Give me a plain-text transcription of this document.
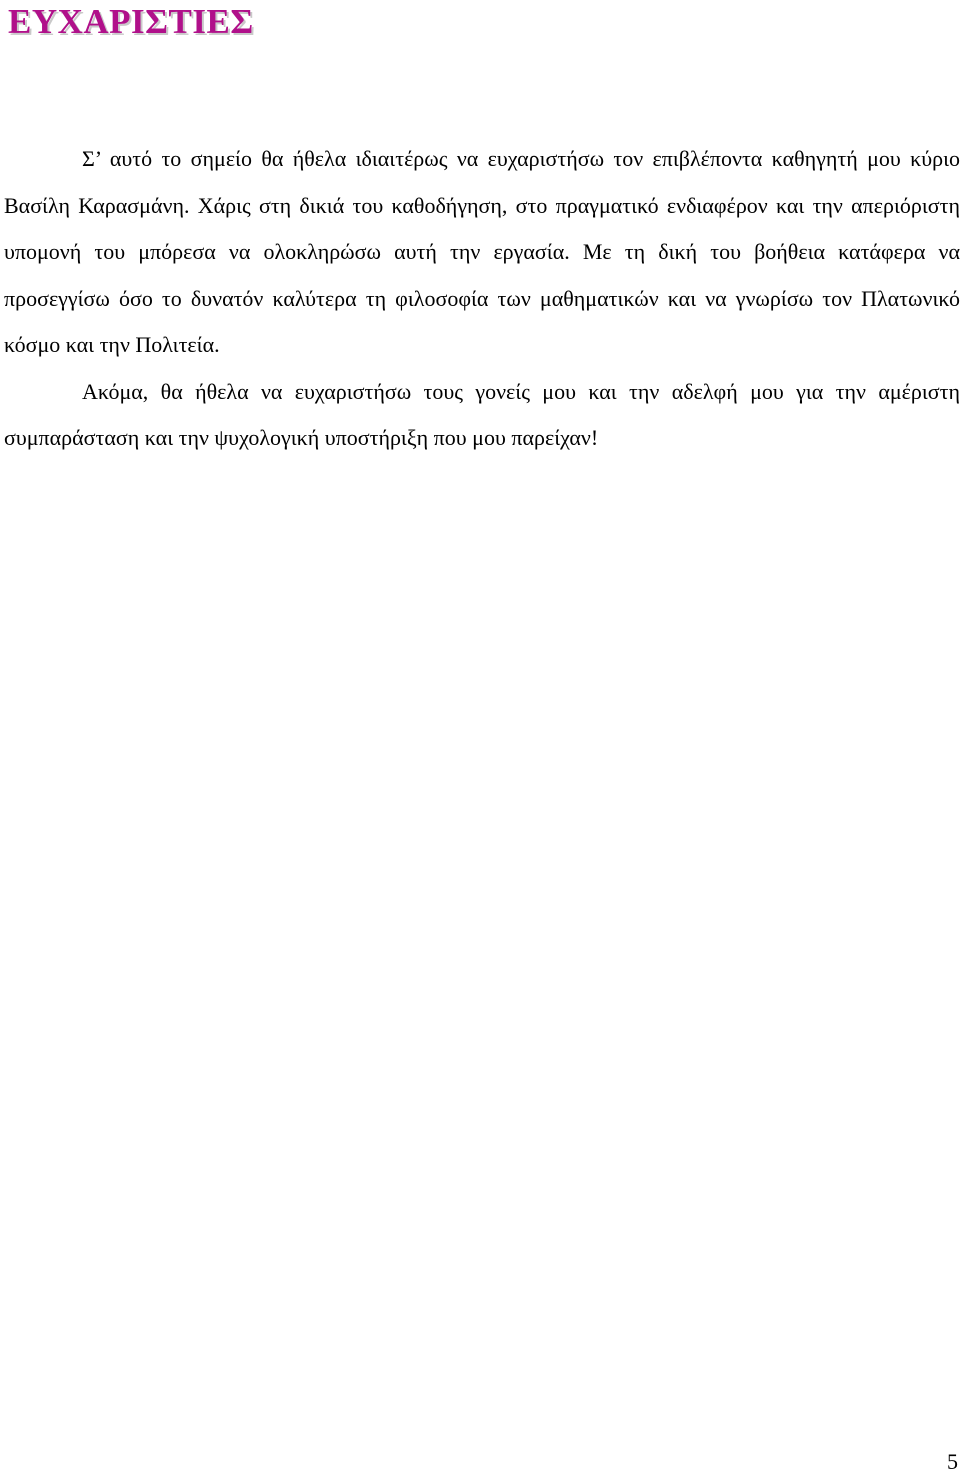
ΕΥΧΑΡΙΣΤΙΕΣ

Σ’ αυτό το σημείο θα ήθελα ιδιαιτέρως να ευχαριστήσω τον επιβλέποντα καθηγητή μου κύριο Βασίλη Καρασμάνη. Χάρις στη δικιά του καθοδήγηση, στο πραγματικό ενδιαφέρον και την απεριόριστη υπομονή του μπόρεσα να ολοκληρώσω αυτή την εργασία. Με τη δική του βοήθεια κατάφερα να προσεγγίσω όσο το δυνατόν καλύτερα τη φιλοσοφία των μαθηματικών και να γνωρίσω τον Πλατωνικό κόσμο και την Πολιτεία.

Ακόμα, θα ήθελα να ευχαριστήσω τους γονείς μου και την αδελφή μου για την αμέριστη συμπαράσταση και την ψυχολογική υποστήριξη που μου παρείχαν!

5
